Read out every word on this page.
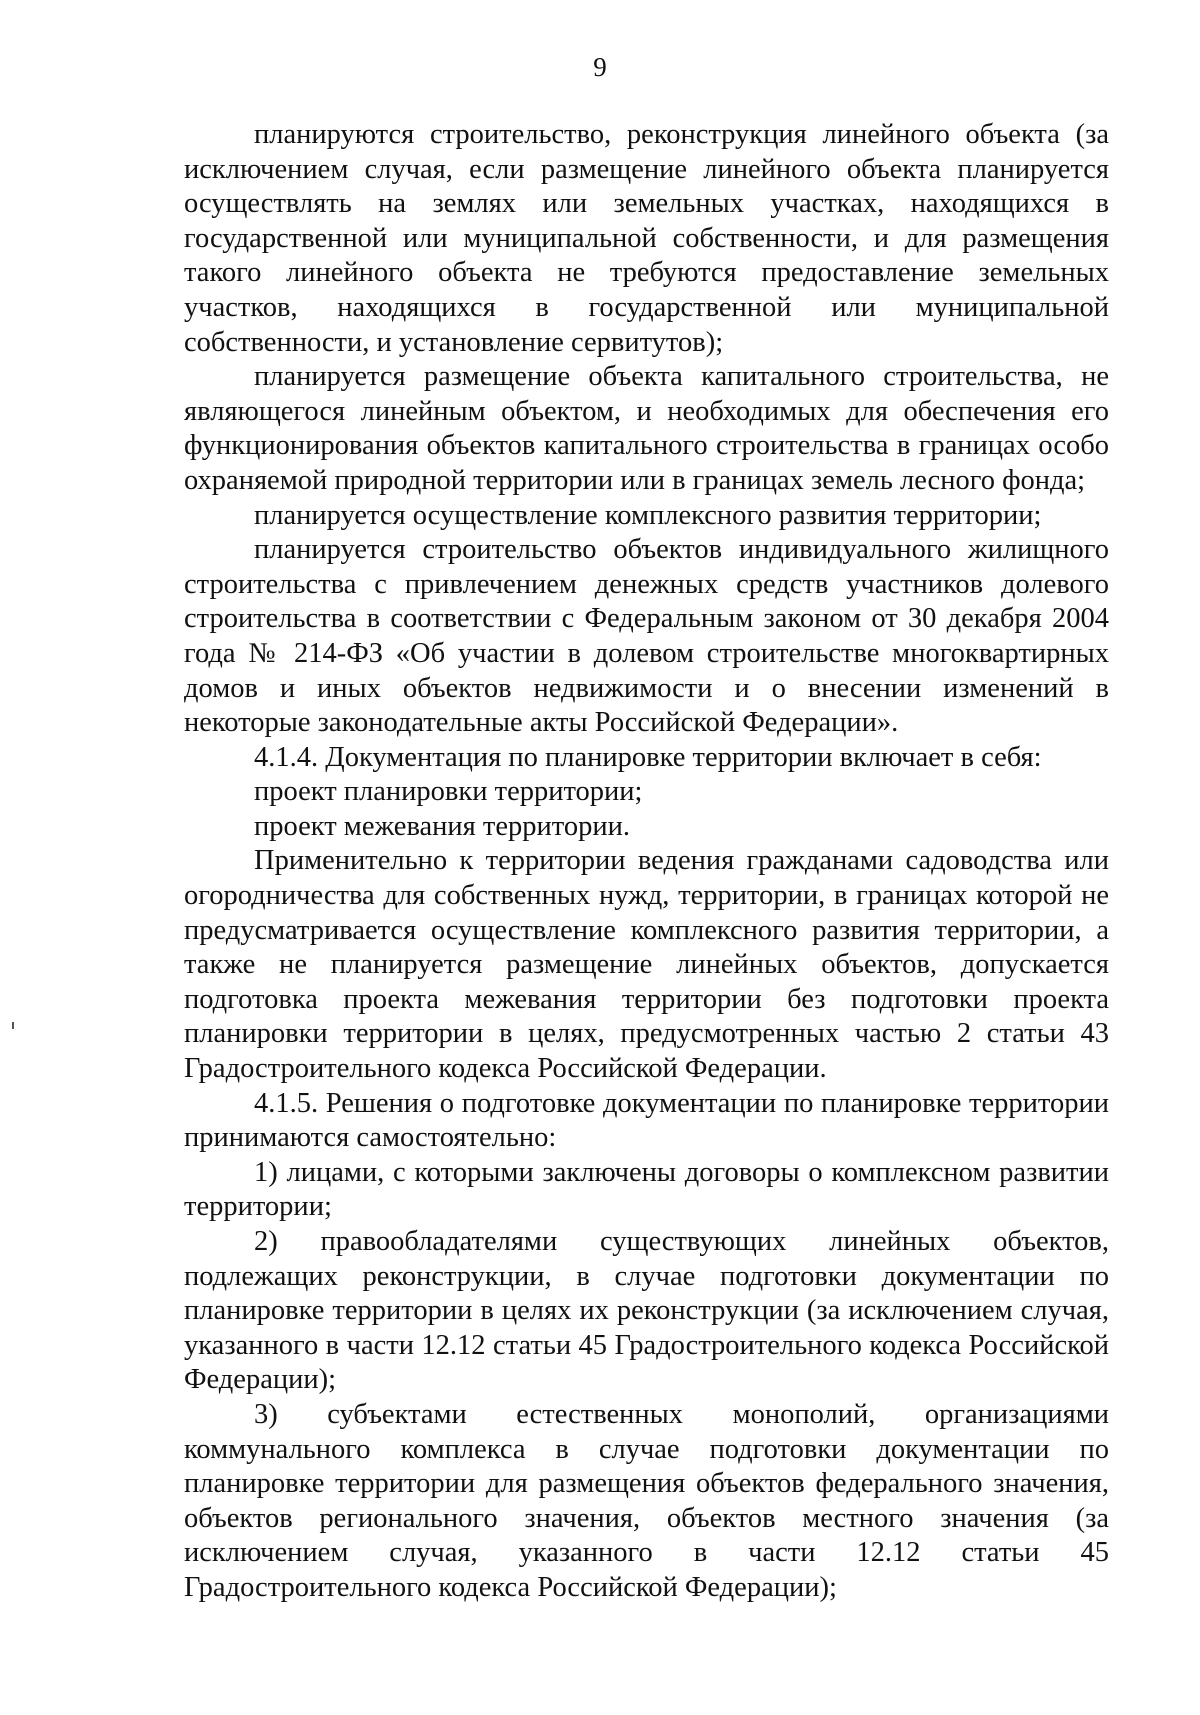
9

планируются строительство, реконструкция линейного объекта (за исключением случая, если размещение линейного объекта планируется осуществлять на землях или земельных участках, находящихся в государственной или муниципальной собственности, и для размещения такого линейного объекта не требуются предоставление земельных участков, находящихся в государственной или муниципальной собственности, и установление сервитутов);

планируется размещение объекта капитального строительства, не являющегося линейным объектом, и необходимых для обеспечения его функционирования объектов капитального строительства в границах особо охраняемой природной территории или в границах земель лесного фонда;

планируется осуществление комплексного развития территории;

планируется строительство объектов индивидуального жилищного строительства с привлечением денежных средств участников долевого строительства в соответствии с Федеральным законом от 30 декабря 2004 года № 214-ФЗ «Об участии в долевом строительстве многоквартирных домов и иных объектов недвижимости и о внесении изменений в некоторые законодательные акты Российской Федерации».

4.1.4. Документация по планировке территории включает в себя:

проект планировки территории;

проект межевания территории.

Применительно к территории ведения гражданами садоводства или огородничества для собственных нужд, территории, в границах которой не предусматривается осуществление комплексного развития территории, а также не планируется размещение линейных объектов, допускается подготовка проекта межевания территории без подготовки проекта планировки территории в целях, предусмотренных частью 2 статьи 43 Градостроительного кодекса Российской Федерации.

4.1.5. Решения о подготовке документации по планировке территории принимаются самостоятельно:

1) лицами, с которыми заключены договоры о комплексном развитии территории;

2) правообладателями существующих линейных объектов, подлежащих реконструкции, в случае подготовки документации по планировке территории в целях их реконструкции (за исключением случая, указанного в части 12.12 статьи 45 Градостроительного кодекса Российской Федерации);

3) субъектами естественных монополий, организациями коммунального комплекса в случае подготовки документации по планировке территории для размещения объектов федерального значения, объектов регионального значения, объектов местного значения (за исключением случая, указанного в части 12.12 статьи 45 Градостроительного кодекса Российской Федерации);
